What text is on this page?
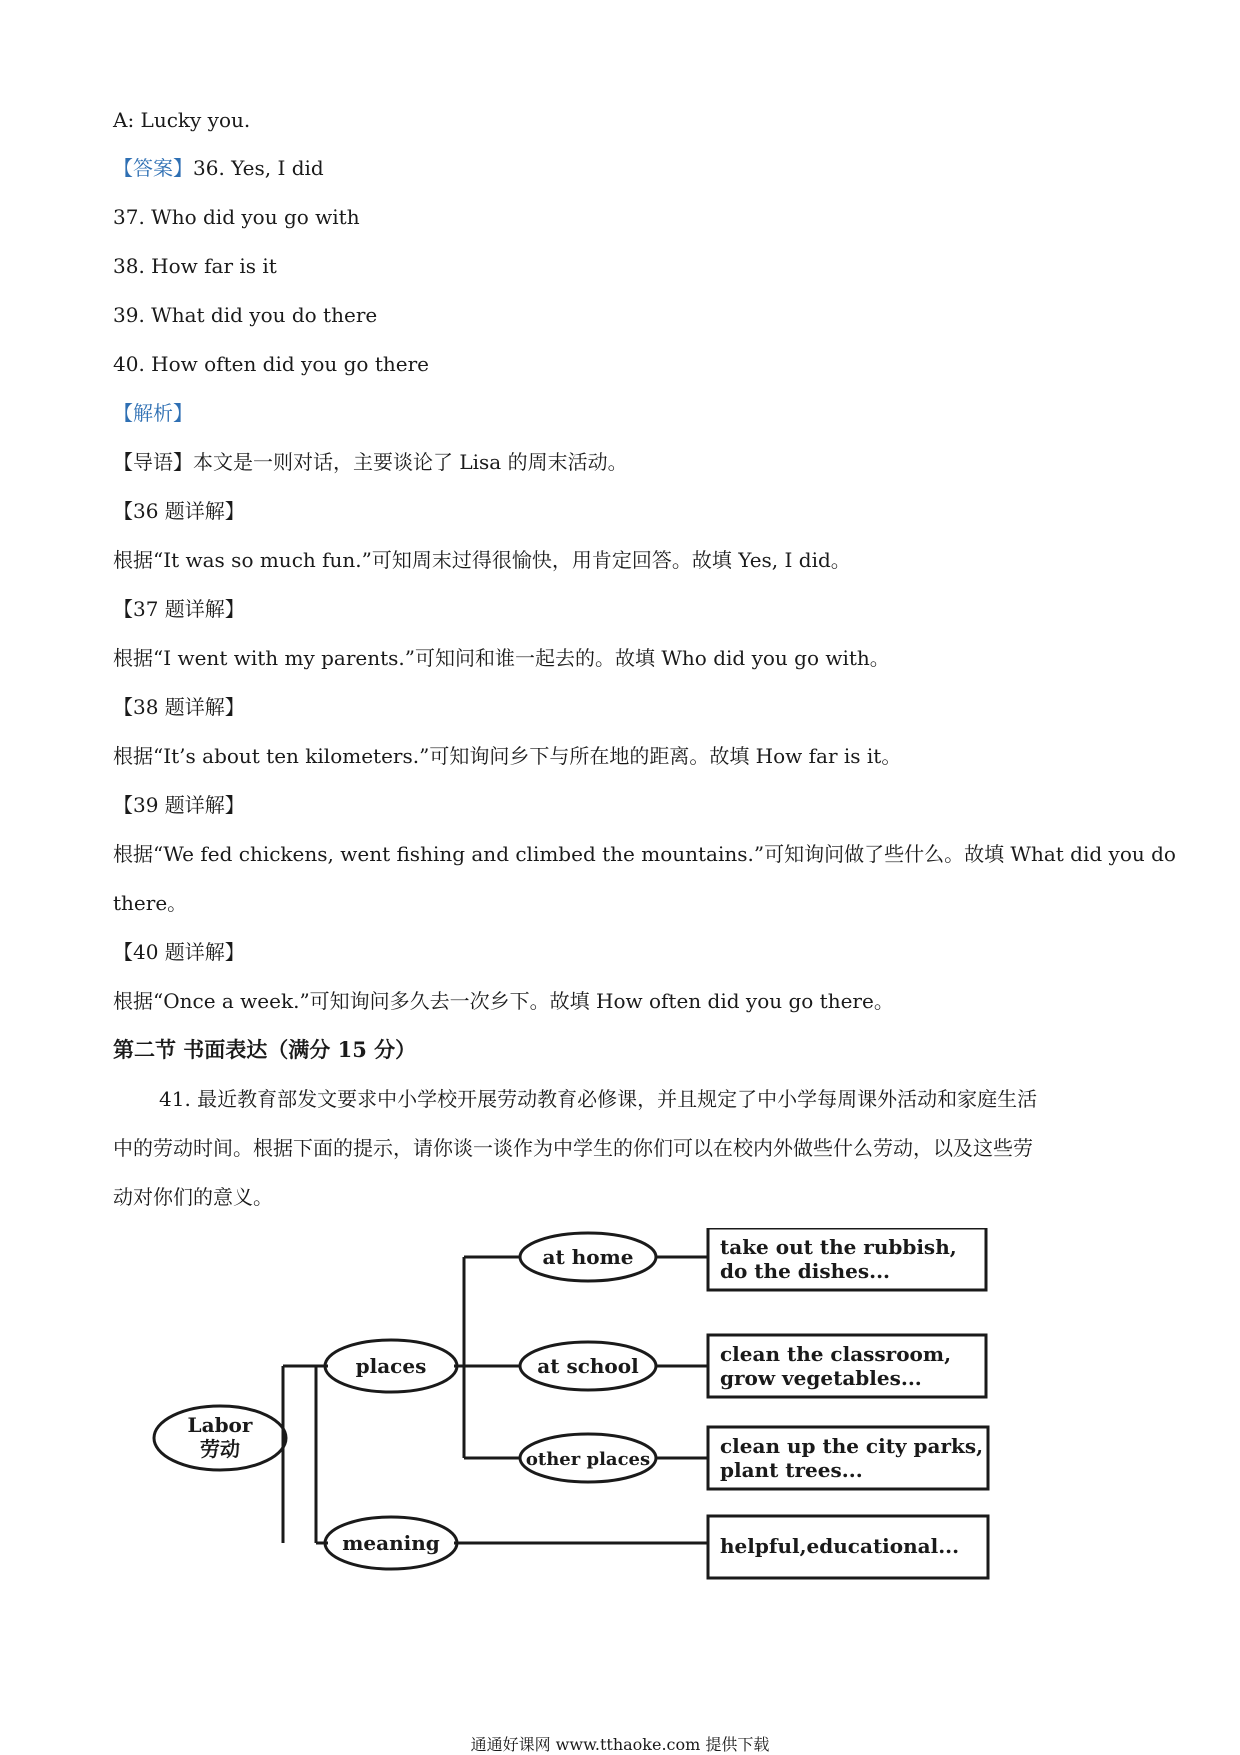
A: Lucky you.
【答案】36. Yes, I did
37. Who did you go with
38. How far is it
39. What did you do there
40. How often did you go there
【解析】
【导语】本文是一则对话，主要谈论了 Lisa 的周末活动。
【36 题详解】
根据“It was so much fun.”可知周末过得很愉快，用肯定回答。故填 Yes, I did。
【37 题详解】
根据“I went with my parents.”可知问和谁一起去的。故填 Who did you go with。
【38 题详解】
根据“It’s about ten kilometers.”可知询问乡下与所在地的距离。故填 How far is it。
【39 题详解】
根据“We fed chickens, went fishing and climbed the mountains.”可知询问做了些什么。故填 What did you do
there。
【40 题详解】
根据“Once a week.”可知询问多久去一次乡下。故填 How often did you go there。
第二节 书面表达（满分 15 分）
41. 最近教育部发文要求中小学校开展劳动教育必修课，并且规定了中小学每周课外活动和家庭生活
中的劳动时间。根据下面的提示，请你谈一谈作为中学生的你们可以在校内外做些什么劳动，以及这些劳
动对你们的意义。
Labor
劳动
places
meaning
at home
at school
other places
take out the rubbish,
do the dishes...
clean the classroom,
grow vegetables...
clean up the city parks,
plant trees...
helpful,educational...
通通好课网 www.tthaoke.com 提供下载
